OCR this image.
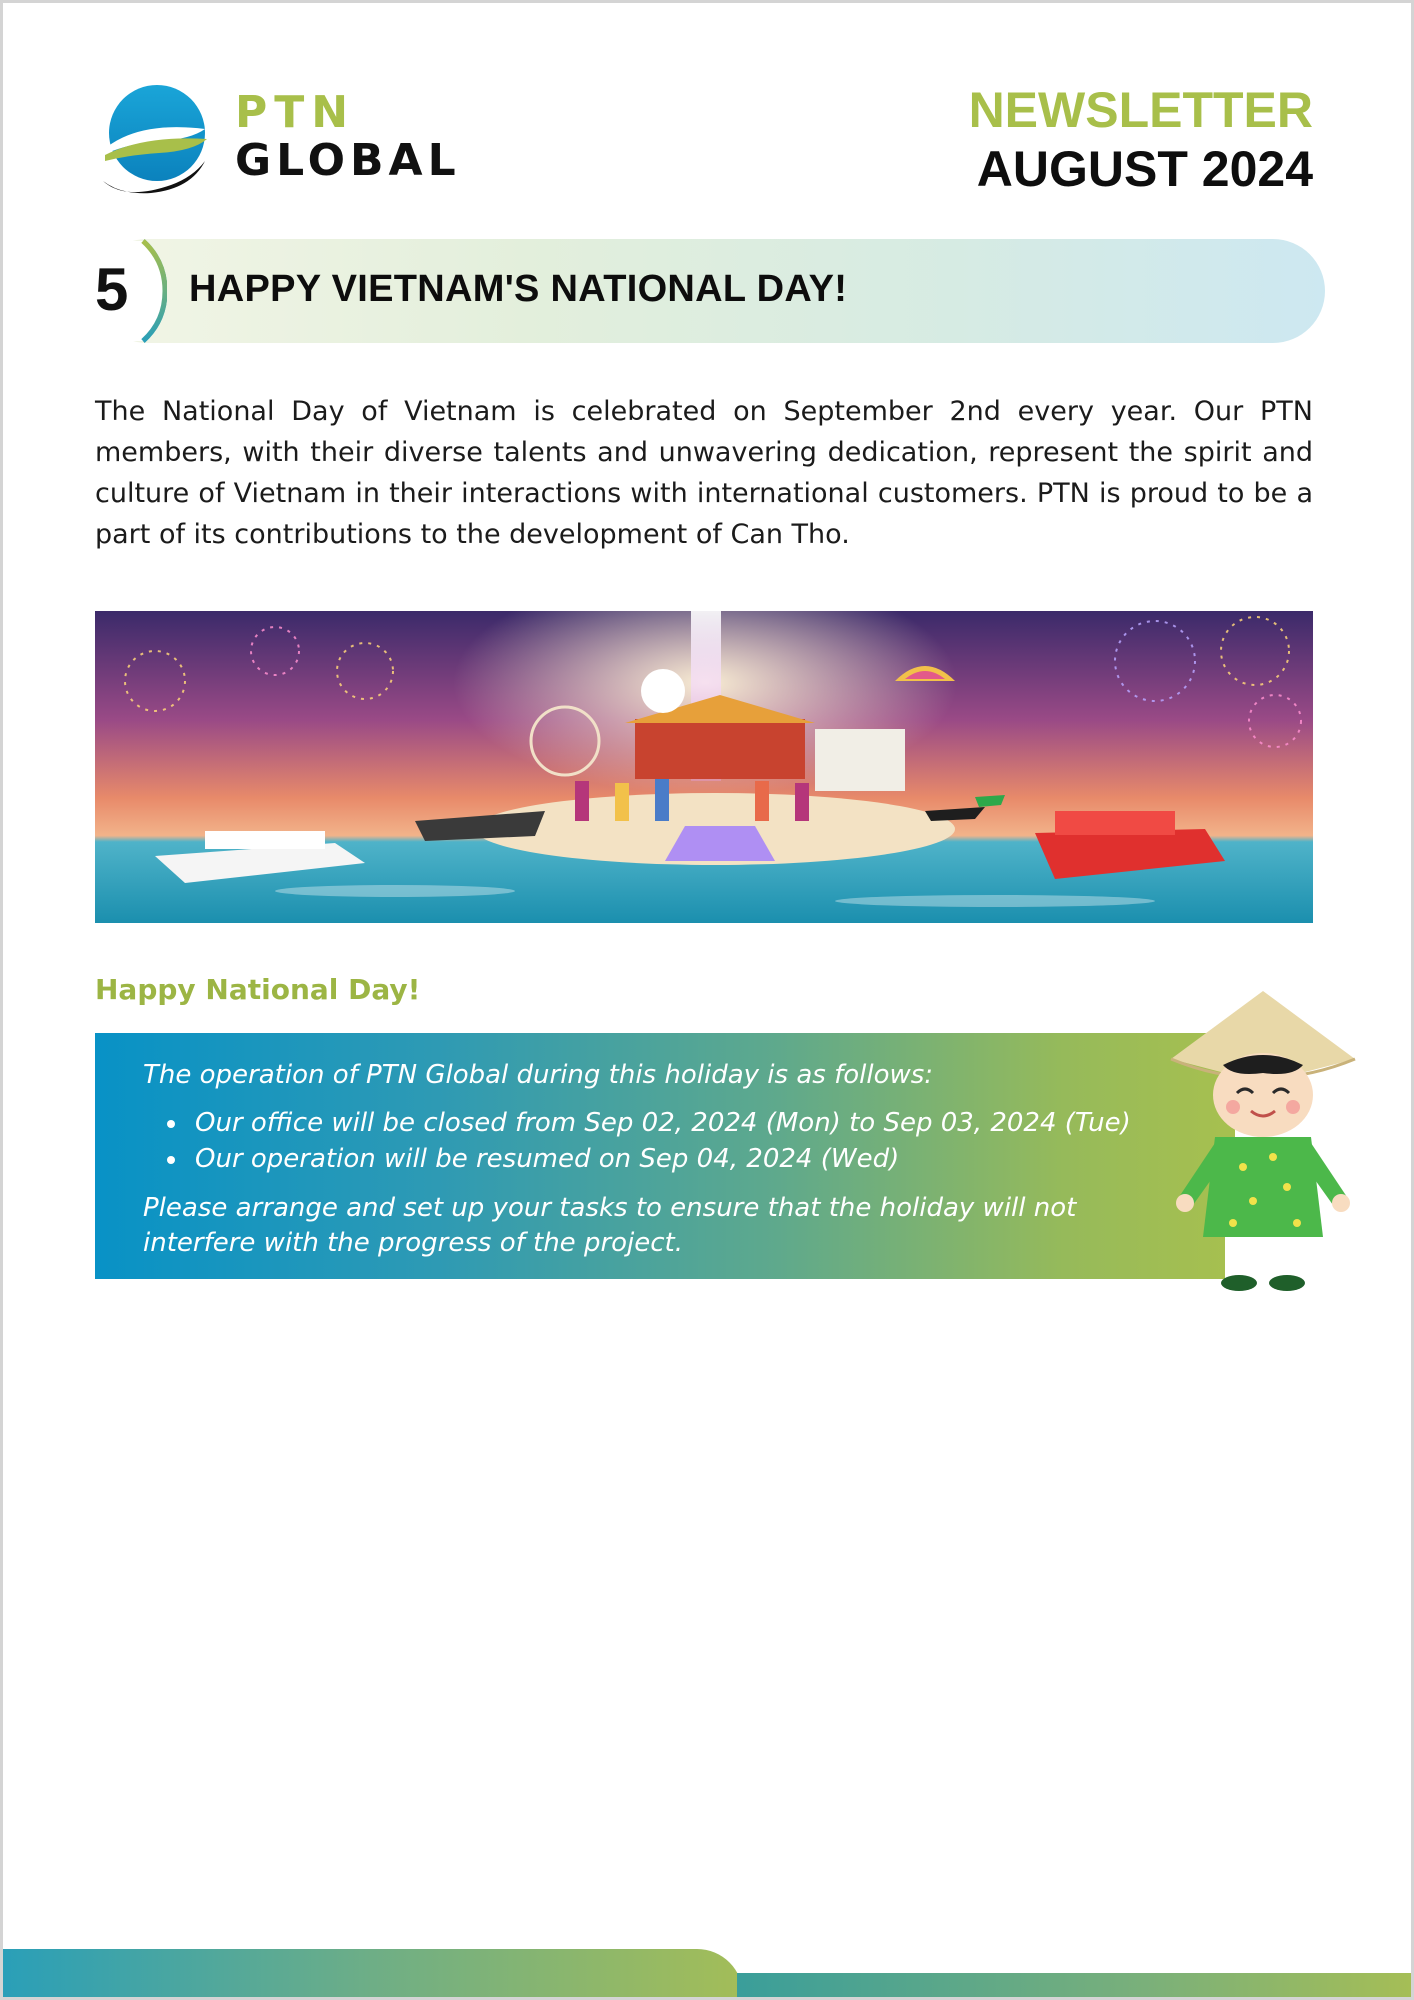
PTN
GLOBAL
NEWSLETTER
AUGUST 2024
5 HAPPY VIETNAM'S NATIONAL DAY!

The National Day of Vietnam is celebrated on September 2nd every year. Our PTN members, with their diverse talents and unwavering dedication, represent the spirit and culture of Vietnam in their interactions with international customers. PTN is proud to be a part of its contributions to the development of Can Tho.

Happy National Day!
The operation of PTN Global during this holiday is as follows:
Our office will be closed from Sep 02, 2024 (Mon) to Sep 03, 2024 (Tue)
Our operation will be resumed on Sep 04, 2024 (Wed)
Please arrange and set up your tasks to ensure that the holiday will not interfere with the progress of the project.
